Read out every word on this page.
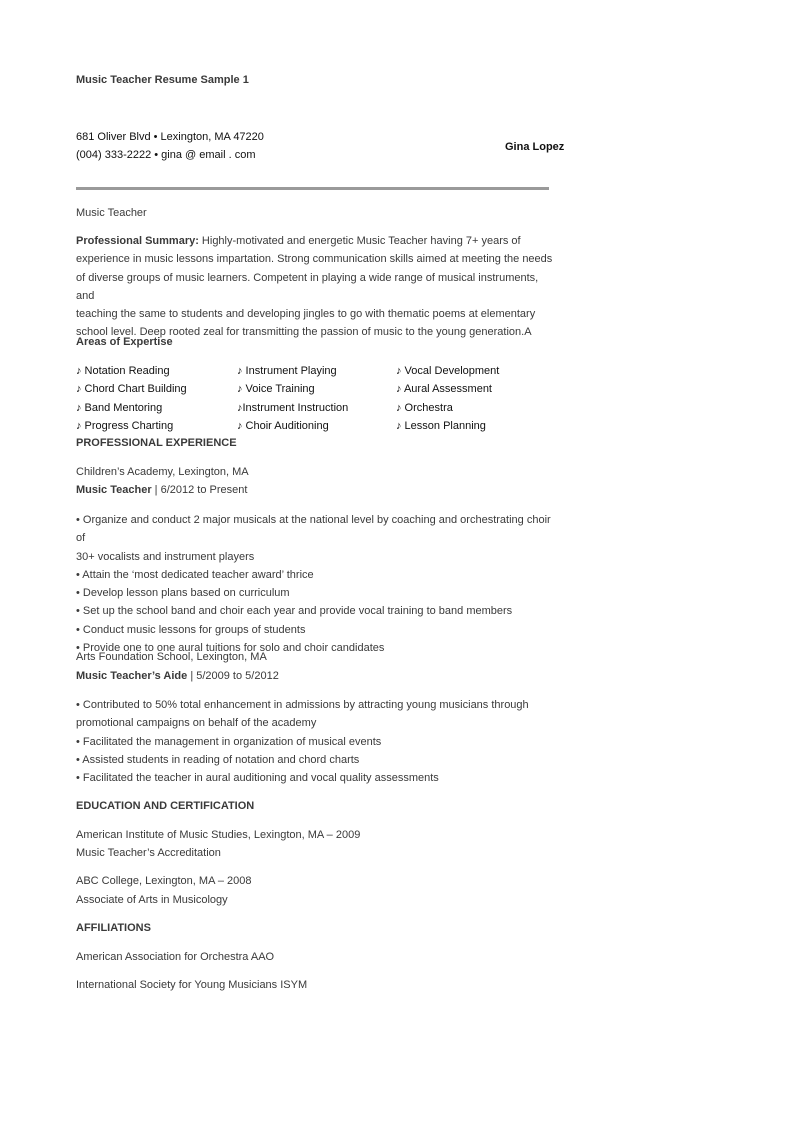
Music Teacher Resume Sample 1
681 Oliver Blvd • Lexington, MA 47220
(004) 333-2222 • gina @ email . com
Gina Lopez
Music Teacher

Professional Summary: Highly-motivated and energetic Music Teacher having 7+ years of

experience in music lessons impartation. Strong communication skills aimed at meeting the needs

of diverse groups of music learners. Competent in playing a wide range of musical instruments, and

teaching the same to students and developing jingles to go with thematic poems at elementary

school level. Deep rooted zeal for transmitting the passion of music to the young generation.A

Areas of Expertise
♪ Notation Reading	♪ Instrument Playing	♪ Vocal Development
♪ Chord Chart Building	♪ Voice Training	♪ Aural Assessment
♪ Band Mentoring	♪Instrument Instruction	♪ Orchestra
♪ Progress Charting	♪ Choir Auditioning	♪ Lesson Planning
PROFESSIONAL EXPERIENCE
Children’s Academy, Lexington, MA
Music Teacher | 6/2012 to Present
• Organize and conduct 2 major musicals at the national level by coaching and orchestrating choir of
30+ vocalists and instrument players
• Attain the ‘most dedicated teacher award’ thrice
• Develop lesson plans based on curriculum
• Set up the school band and choir each year and provide vocal training to band members
• Conduct music lessons for groups of students
• Provide one to one aural tuitions for solo and choir candidates
Arts Foundation School, Lexington, MA
Music Teacher’s Aide | 5/2009 to 5/2012
• Contributed to 50% total enhancement in admissions by attracting young musicians through
promotional campaigns on behalf of the academy
• Facilitated the management in organization of musical events
• Assisted students in reading of notation and chord charts
• Facilitated the teacher in aural auditioning and vocal quality assessments
EDUCATION AND CERTIFICATION
American Institute of Music Studies, Lexington, MA – 2009
Music Teacher’s Accreditation
ABC College, Lexington, MA – 2008
Associate of Arts in Musicology
AFFILIATIONS
American Association for Orchestra AAO
International Society for Young Musicians ISYM
